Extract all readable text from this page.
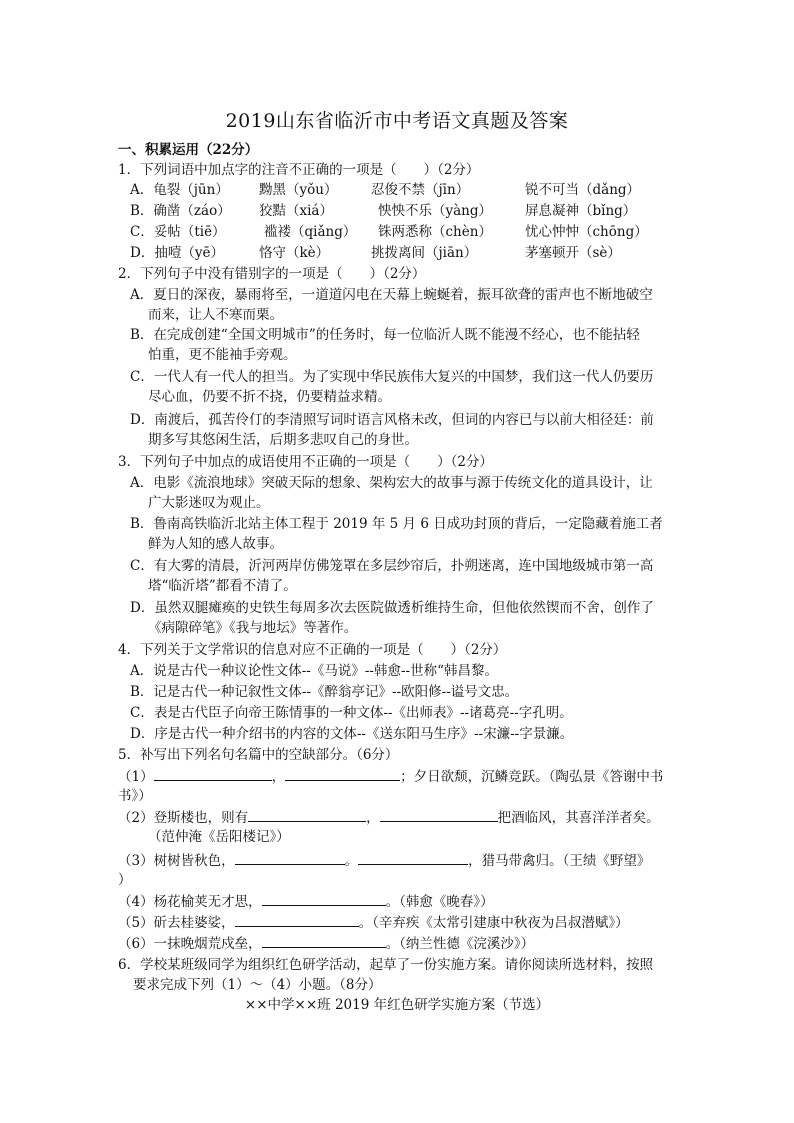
2019山东省临沂市中考语文真题及答案
一、积累运用（22分）
1．下列词语中加点字的注音不正确的一项是（　　）（2分）
A．龟裂（jūn） 黝黑（yǒu） 忍俊不禁（jīn）	锐不可当（dǎng）
B．确凿（záo） 狡黠（xiá）	怏怏不乐（yàng） 屏息凝神（bǐng）
C．妥帖（tiē）	褴褛（qiǎng） 铢两悉称（chèn） 忧心忡忡（chōng）
D．抽噎（yē）	恪守（kè）	挑拨离间（jiān）	茅塞顿开（sè）
2．下列句子中没有错别字的一项是（　　）（2分）
A．夏日的深夜，暴雨将至，一道道闪电在天幕上蜿蜒着，振耳欲聋的雷声也不断地破空
而来，让人不寒而栗。
B．在完成创建“全国文明城市”的任务时，每一位临沂人既不能漫不经心，也不能拈轻
怕重，更不能袖手旁观。
C．一代人有一代人的担当。为了实现中华民族伟大复兴的中国梦，我们这一代人仍要历
尽心血，仍要不折不挠，仍要精益求精。
D．南渡后，孤苦伶仃的李清照写词时语言风格未改，但词的内容已与以前大相径廷：前
期多写其悠闲生活，后期多悲叹自己的身世。
3．下列句子中加点的成语使用不正确的一项是（　　）（2分）
A．电影《流浪地球》突破天际的想象、架构宏大的故事与源于传统文化的道具设计，让
广大影迷叹为观止。
B．鲁南高铁临沂北站主体工程于 2019 年 5 月 6 日成功封顶的背后，一定隐藏着施工者
鲜为人知的感人故事。
C．有大雾的清晨，沂河两岸仿佛笼罩在多层纱帘后，扑朔迷离，连中国地级城市第一高
塔“临沂塔”都看不清了。
D．虽然双腿瘫痪的史铁生每周多次去医院做透析维持生命，但他依然锲而不舍，创作了
《病隙碎笔》《我与地坛》等著作。
4．下列关于文学常识的信息对应不正确的一项是（　　）（2分）
A．说是古代一种议论性文体--《马说》--韩愈--世称“韩昌黎。
B．记是古代一种记叙性文体--《醉翁亭记》--欧阳修--谥号文忠。
C．表是古代臣子向帝王陈情事的一种文体--《出师表》--诸葛亮--字孔明。
D．序是古代一种介绍书的内容的文体--《送东阳马生序》--宋濂--字景濂。
5．补写出下列名句名篇中的空缺部分。（6分）
（1）	，	；夕日欲颓，沉鳞竞跃。（陶弘景《答谢中书
书》）
（2）登斯楼也，则有	，	把酒临风，其喜洋洋者矣。
（范仲淹《岳阳楼记》）
（3）树树皆秋色，	。	，猎马带禽归。（王绩《野望》
）
（4）杨花榆荚无才思，	。（韩愈《晚春》）
（5）斫去桂婆娑，	。（辛弃疾《太常引建康中秋夜为吕叔潜赋》）
（6）一抹晚烟荒戍垒，	。（纳兰性德《浣溪沙》）
6．学校某班级同学为组织红色研学活动，起草了一份实施方案。请你阅读所选材料，按照
要求完成下列（1）～（4）小题。（8分）
××中学××班 2019 年红色研学实施方案（节选）
